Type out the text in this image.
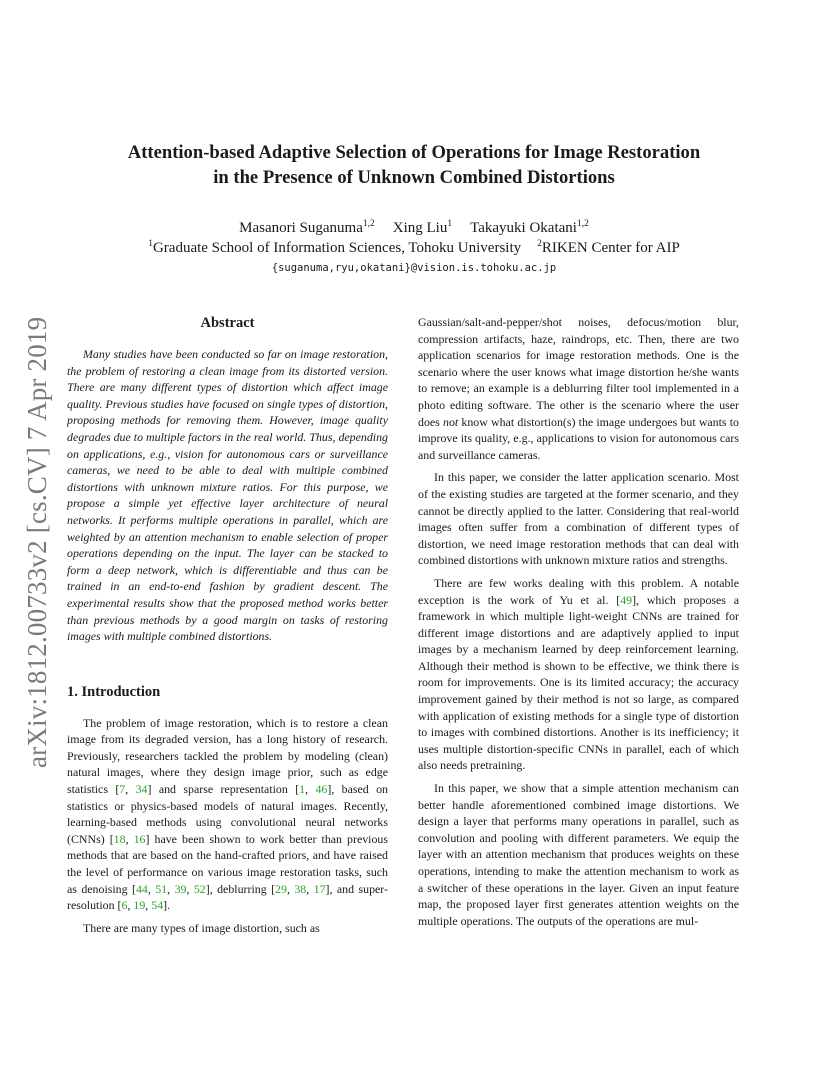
arXiv:1812.00733v2 [cs.CV] 7 Apr 2019
Attention-based Adaptive Selection of Operations for Image Restoration
in the Presence of Unknown Combined Distortions
Masanori Suganuma$^{1,2}$ Xing Liu$^1$ Takayuki Okatani$^{1,2}$
$^1$Graduate School of Information Sciences, Tohoku University $^2$RIKEN Center for AIP
{suganuma,ryu,okatani}@vision.is.tohoku.ac.jp
Abstract

Many studies have been conducted so far on image restoration, the problem of restoring a clean image from its distorted version. There are many different types of distortion which affect image quality. Previous studies have focused on single types of distortion, proposing methods for removing them. However, image quality degrades due to multiple factors in the real world. Thus, depending on applications, e.g., vision for autonomous cars or surveillance cameras, we need to be able to deal with multiple combined distortions with unknown mixture ratios. For this purpose, we propose a simple yet effective layer architecture of neural networks. It performs multiple operations in parallel, which are weighted by an attention mechanism to enable selection of proper operations depending on the input. The layer can be stacked to form a deep network, which is differentiable and thus can be trained in an end-to-end fashion by gradient descent. The experimental results show that the proposed method works better than previous methods by a good margin on tasks of restoring images with multiple combined distortions.

1. Introduction

The problem of image restoration, which is to restore a clean image from its degraded version, has a long history of research. Previously, researchers tackled the problem by modeling (clean) natural images, where they design image prior, such as edge statistics [7, 34] and sparse representation [1, 46], based on statistics or physics-based models of natural images. Recently, learning-based methods using convolutional neural networks (CNNs) [18, 16] have been shown to work better than previous methods that are based on the hand-crafted priors, and have raised the level of performance on various image restoration tasks, such as denoising [44, 51, 39, 52], deblurring [29, 38, 17], and super-resolution [6, 19, 54].

There are many types of image distortion, such as

Gaussian/salt-and-pepper/shot noises, defocus/motion blur, compression artifacts, haze, raindrops, etc. Then, there are two application scenarios for image restoration methods. One is the scenario where the user knows what image distortion he/she wants to remove; an example is a deblurring filter tool implemented in a photo editing software. The other is the scenario where the user does not know what distortion(s) the image undergoes but wants to improve its quality, e.g., applications to vision for autonomous cars and surveillance cameras.

In this paper, we consider the latter application scenario. Most of the existing studies are targeted at the former scenario, and they cannot be directly applied to the latter. Considering that real-world images often suffer from a combination of different types of distortion, we need image restoration methods that can deal with combined distortions with unknown mixture ratios and strengths.

There are few works dealing with this problem. A notable exception is the work of Yu et al. [49], which proposes a framework in which multiple light-weight CNNs are trained for different image distortions and are adaptively applied to input images by a mechanism learned by deep reinforcement learning. Although their method is shown to be effective, we think there is room for improvements. One is its limited accuracy; the accuracy improvement gained by their method is not so large, as compared with application of existing methods for a single type of distortion to images with combined distortions. Another is its inefficiency; it uses multiple distortion-specific CNNs in parallel, each of which also needs pretraining.

In this paper, we show that a simple attention mechanism can better handle aforementioned combined image distortions. We design a layer that performs many operations in parallel, such as convolution and pooling with different parameters. We equip the layer with an attention mechanism that produces weights on these operations, intending to make the attention mechanism to work as a switcher of these operations in the layer. Given an input feature map, the proposed layer first generates attention weights on the multiple operations. The outputs of the operations are mul-
